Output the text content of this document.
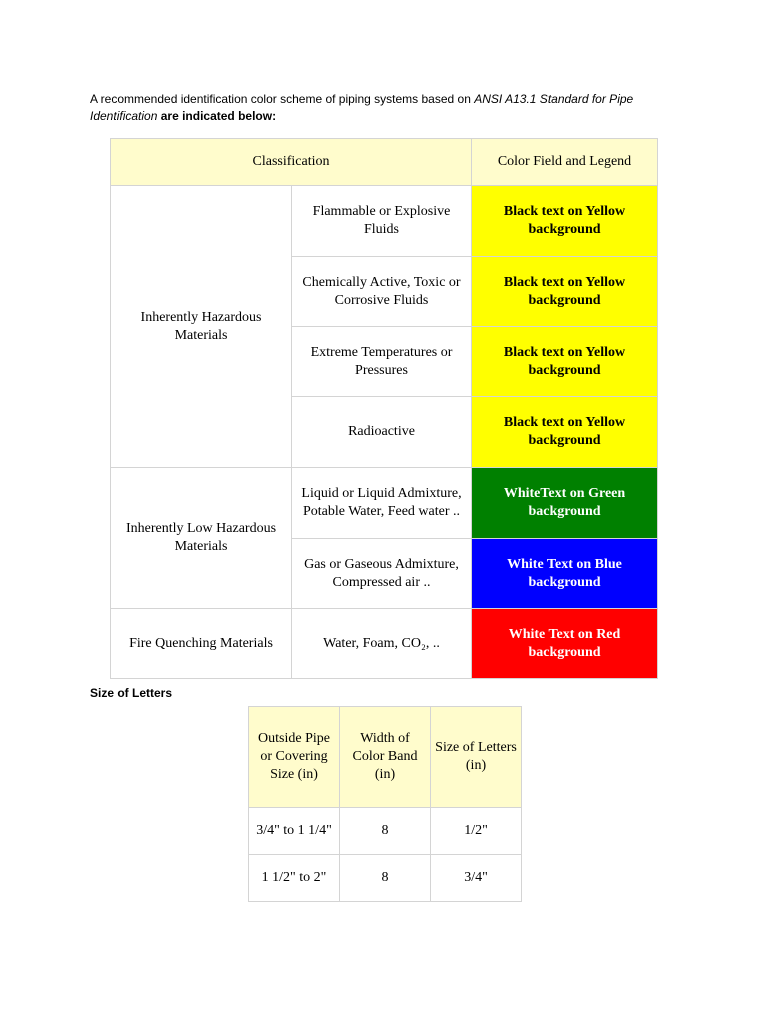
A recommended identification color scheme of piping systems based on ANSI A13.1 Standard for Pipe Identification are indicated below:
Classification		Color Field and Legend
Inherently Hazardous Materials	Flammable or Explosive Fluids	Black text on Yellow background
	Chemically Active, Toxic or Corrosive Fluids	Black text on Yellow background
	Extreme Temperatures or Pressures	Black text on Yellow background
	Radioactive	Black text on Yellow background
Inherently Low Hazardous Materials	Liquid or Liquid Admixture, Potable Water, Feed water ..	WhiteText on Green background
	Gas or Gaseous Admixture, Compressed air ..	White Text on Blue background
Fire Quenching Materials	Water, Foam, CO₂, ..	White Text on Red background
Size of Letters
Outside Pipe or Covering Size (in)	Width of Color Band (in)	Size of Letters (in)
3/4" to 1 1/4"	8	1/2"
1 1/2" to 2"	8	3/4"
